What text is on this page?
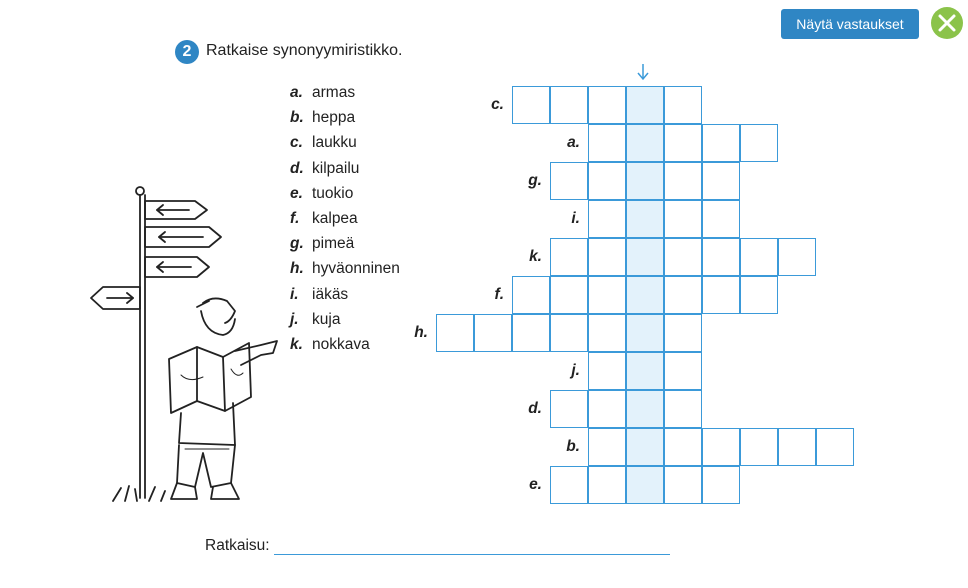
Näytä vastaukset
2 Ratkaise synonyymiristikko.
a. armas
b. heppa
c. laukku
d. kilpailu
e. tuokio
f. kalpea
g. pimeä
h. hyväonninen
i. iäkäs
j. kuja
k. nokkava
c.
a.
g.
i.
k.
f.
h.
j.
d.
b.
e.
Ratkaisu:
